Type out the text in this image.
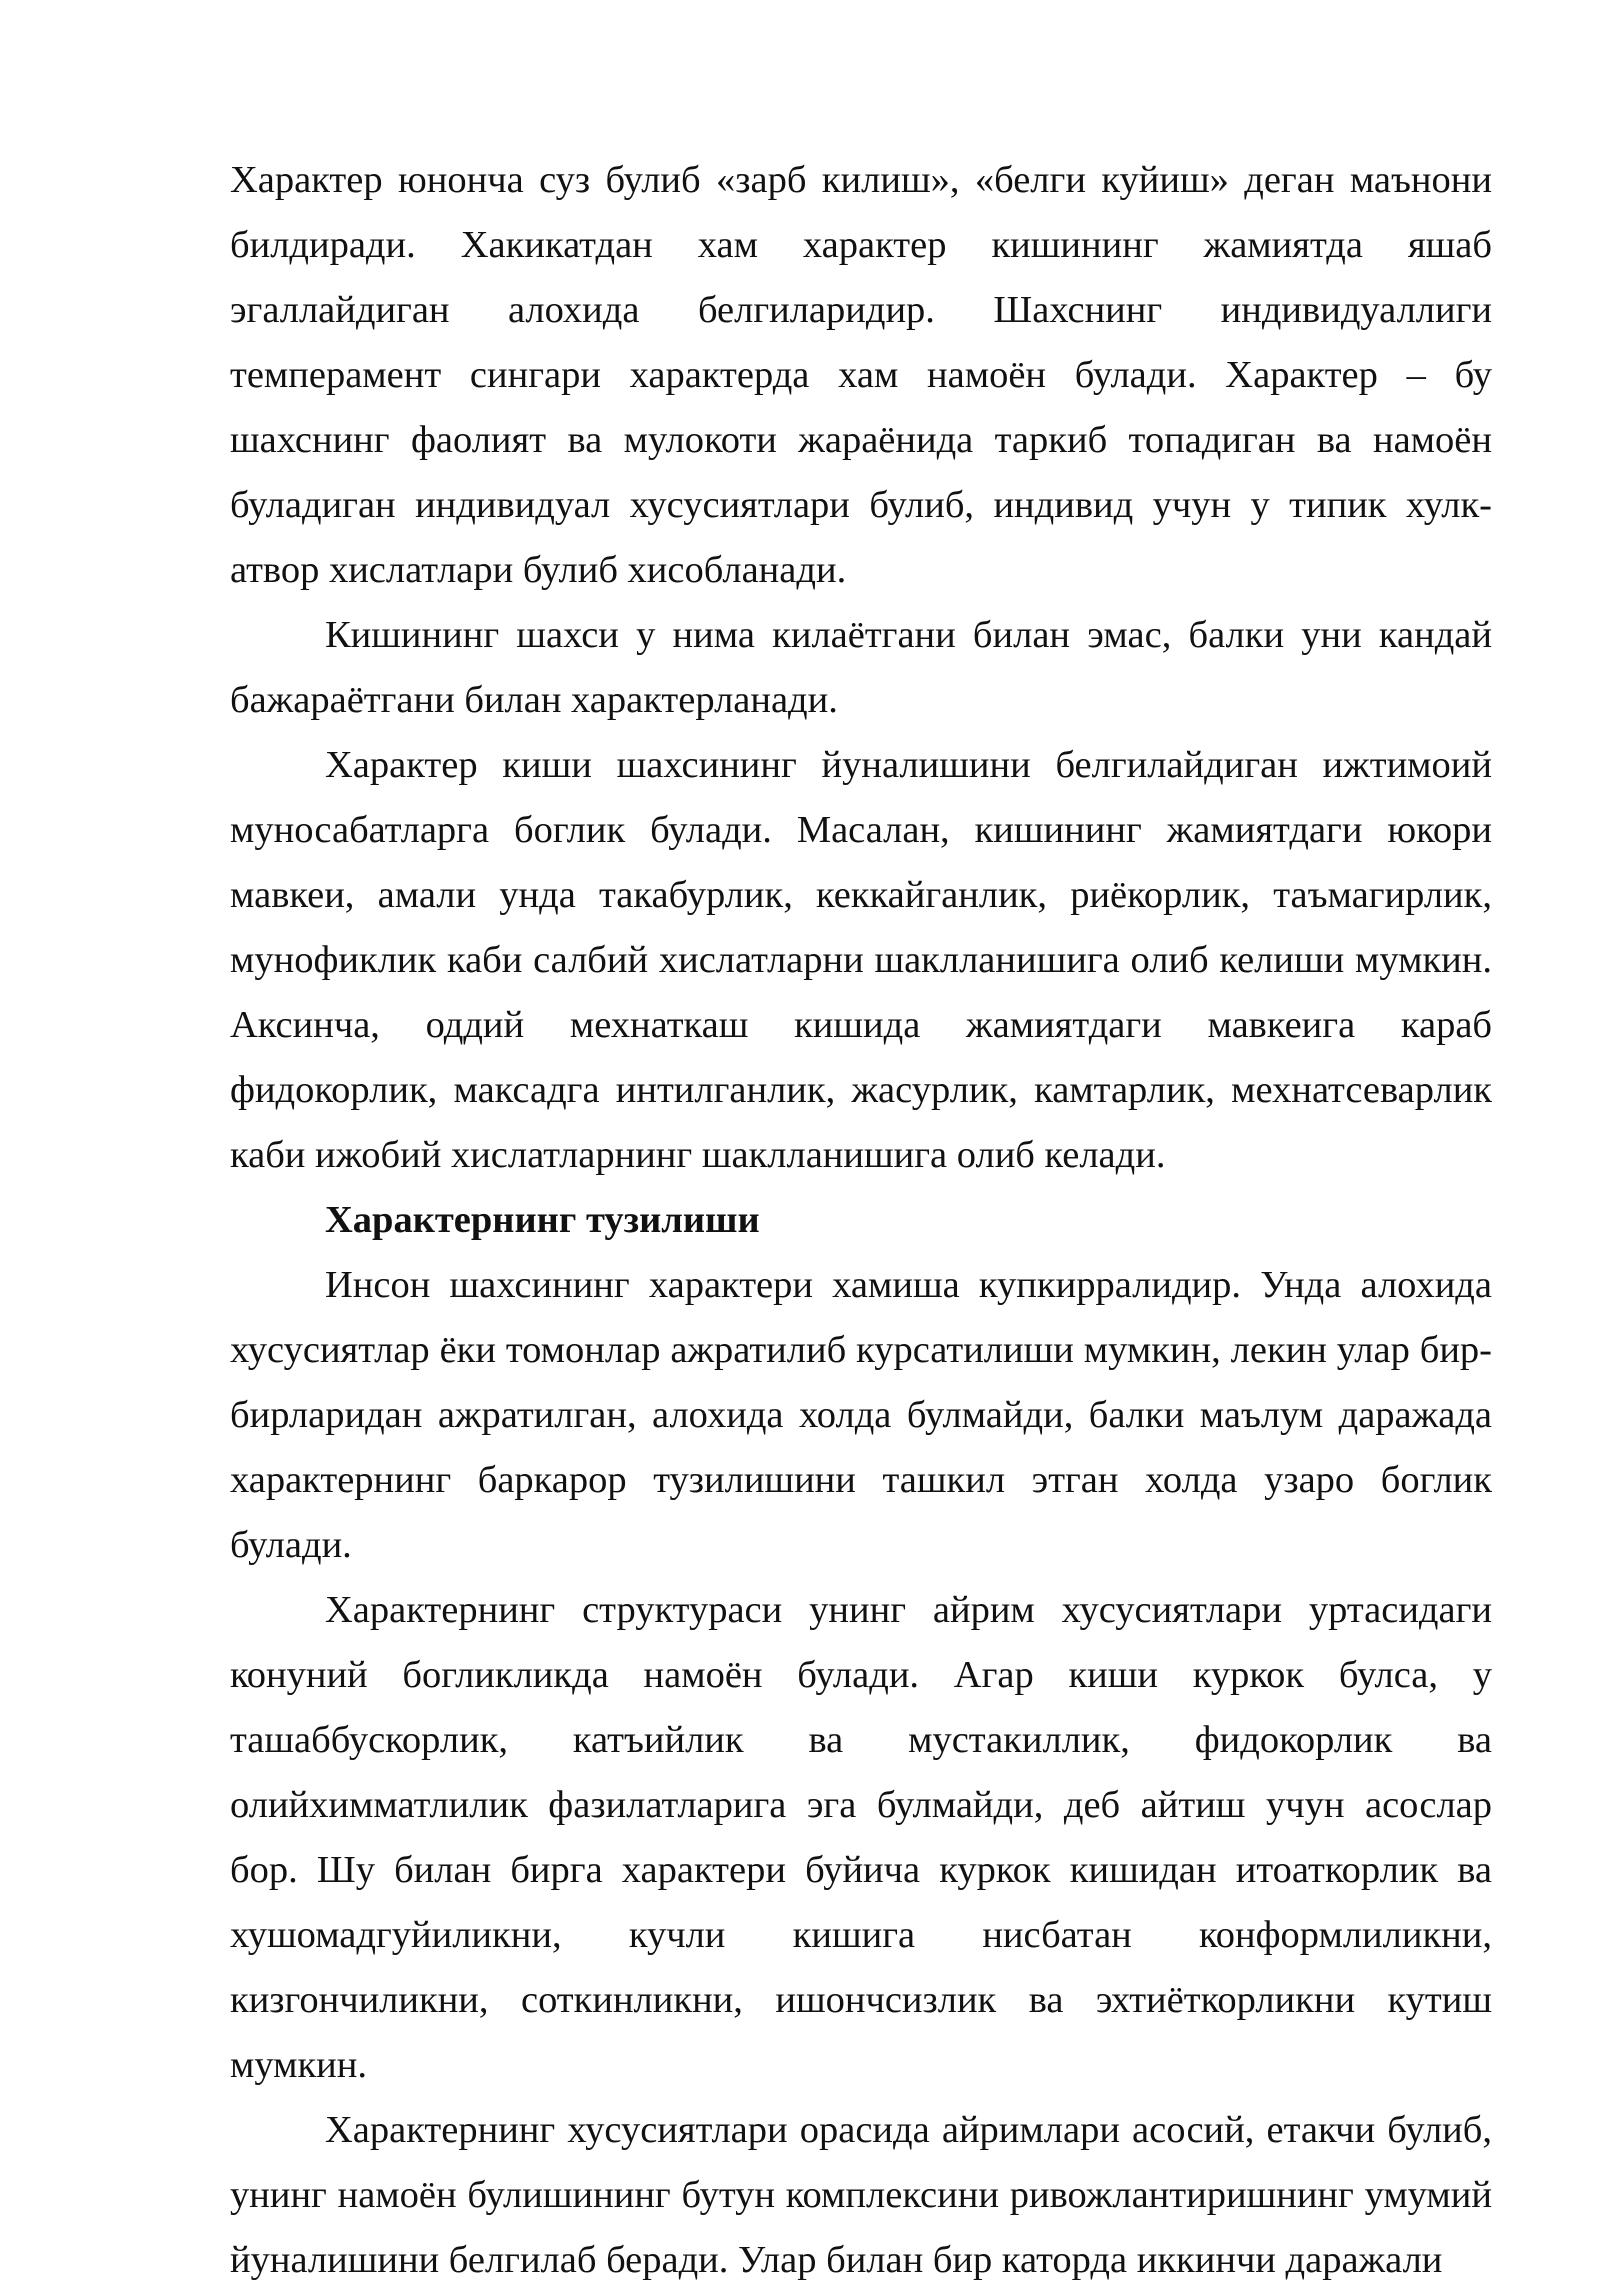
Характер юнонча суз булиб «зарб килиш», «белги куйиш» деган маънони билдиради. Хакикатдан хам характер кишининг жамиятда яшаб эгаллайдиган алохида белгиларидир. Шахснинг индивидуаллиги темперамент сингари характерда хам намоён булади. Характер – бу шахснинг фаолият ва мулокоти жараёнида таркиб топадиган ва намоён буладиган индивидуал хусусиятлари булиб, индивид учун у типик хулк-атвор хислатлари булиб хисобланади.

Кишининг шахси у нима килаётгани билан эмас, балки уни кандай бажараётгани билан характерланади.

Характер киши шахсининг йуналишини белгилайдиган ижтимоий муносабатларга боглик булади. Масалан, кишининг жамиятдаги юкори мавкеи, амали унда такабурлик, кеккайганлик, риёкорлик, таъмагирлик, мунофиклик каби салбий хислатларни шаклланишига олиб келиши мумкин. Аксинча, оддий мехнаткаш кишида жамиятдаги мавкеига караб фидокорлик, максадга интилганлик, жасурлик, камтарлик, мехнатсеварлик каби ижобий хислатларнинг шаклланишига олиб келади.

Характернинг тузилиши

Инсон шахсининг характери хамиша купкирралидир. Унда алохида хусусиятлар ёки томонлар ажратилиб курсатилиши мумкин, лекин улар бир-бирларидан ажратилган, алохида холда булмайди, балки маълум даражада характернинг баркарор тузилишини ташкил этган холда узаро боглик булади.

Характернинг структураси унинг айрим хусусиятлари уртасидаги конуний богликликда намоён булади. Агар киши куркок булса, у ташаббускорлик, катъийлик ва мустакиллик, фидокорлик ва олийхимматлилик фазилатларига эга булмайди, деб айтиш учун асослар бор. Шу билан бирга характери буйича куркок кишидан итоаткорлик ва хушомадгуйиликни, кучли кишига нисбатан конформлиликни, кизгончиликни, соткинликни, ишончсизлик ва эхтиёткорликни кутиш мумкин.

Характернинг хусусиятлари орасида айримлари асосий, етакчи булиб, унинг намоён булишининг бутун комплексини ривожлантиришнинг умумий йуналишини белгилаб беради. Улар билан бир каторда иккинчи даражали
